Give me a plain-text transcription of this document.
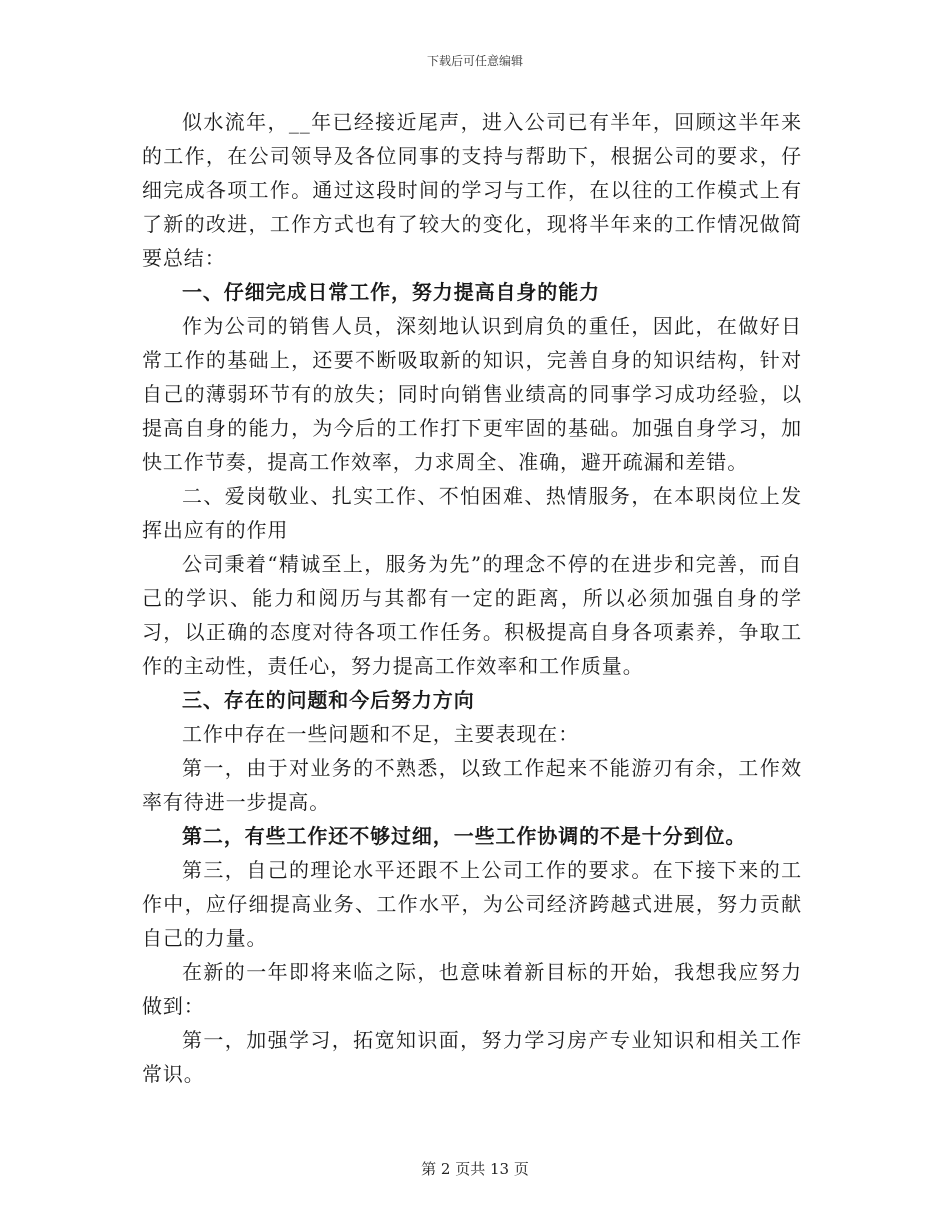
下载后可任意编辑

似水流年，__年已经接近尾声，进入公司已有半年，回顾这半年来的工作，在公司领导及各位同事的支持与帮助下，根据公司的要求，仔细完成各项工作。通过这段时间的学习与工作，在以往的工作模式上有了新的改进，工作方式也有了较大的变化，现将半年来的工作情况做简要总结：

一、仔细完成日常工作，努力提高自身的能力

作为公司的销售人员，深刻地认识到肩负的重任，因此，在做好日常工作的基础上，还要不断吸取新的知识，完善自身的知识结构，针对自己的薄弱环节有的放失；同时向销售业绩高的同事学习成功经验，以提高自身的能力，为今后的工作打下更牢固的基础。加强自身学习，加快工作节奏，提高工作效率，力求周全、准确，避开疏漏和差错。

二、爱岗敬业、扎实工作、不怕困难、热情服务，在本职岗位上发挥出应有的作用

公司秉着“精诚至上，服务为先”的理念不停的在进步和完善，而自己的学识、能力和阅历与其都有一定的距离，所以必须加强自身的学习，以正确的态度对待各项工作任务。积极提高自身各项素养，争取工作的主动性，责任心，努力提高工作效率和工作质量。

三、存在的问题和今后努力方向

工作中存在一些问题和不足，主要表现在：

第一，由于对业务的不熟悉，以致工作起来不能游刃有余，工作效率有待进一步提高。

第二，有些工作还不够过细，一些工作协调的不是十分到位。

第三，自己的理论水平还跟不上公司工作的要求。在下接下来的工作中，应仔细提高业务、工作水平，为公司经济跨越式进展，努力贡献自己的力量。

在新的一年即将来临之际，也意味着新目标的开始，我想我应努力做到：

第一，加强学习，拓宽知识面，努力学习房产专业知识和相关工作常识。

第 2 页共 13 页
